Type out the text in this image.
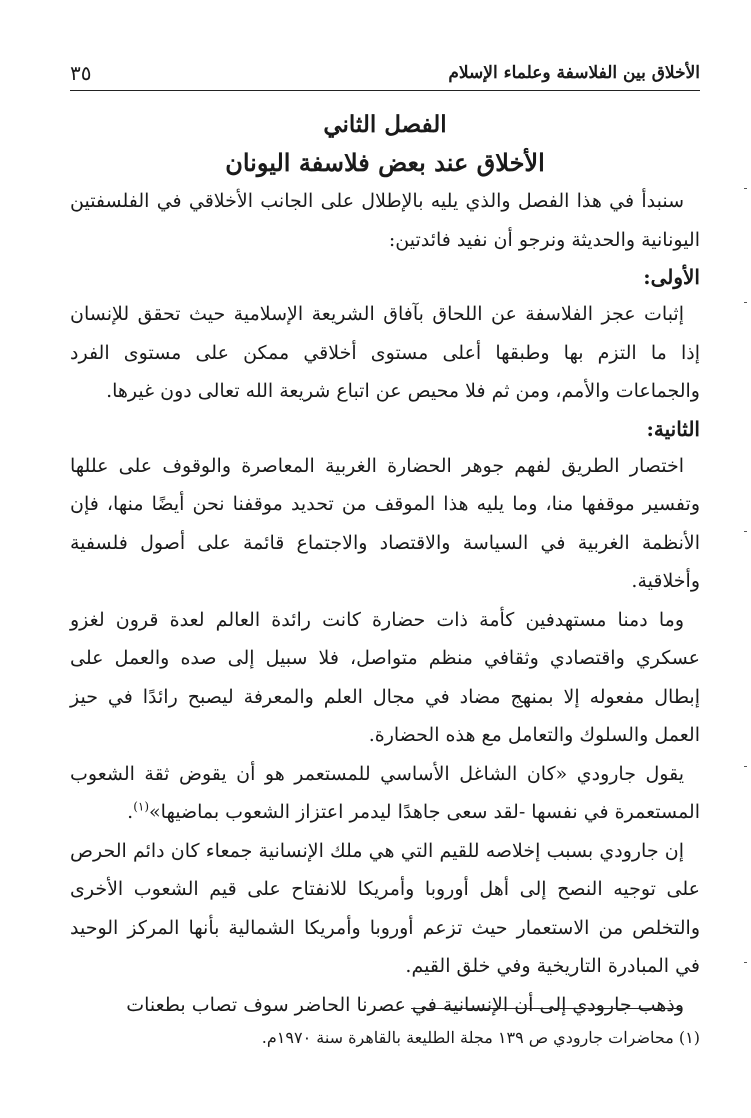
الأخلاق بين الفلاسفة وعلماء الإسلام
٣٥
الفصل الثاني
الأخلاق عند بعض فلاسفة اليونان

سنبدأ في هذا الفصل والذي يليه بالإطلال على الجانب الأخلاقي في الفلسفتين اليونانية والحديثة ونرجو أن نفيد فائدتين:

الأولى:

إثبات عجز الفلاسفة عن اللحاق بآفاق الشريعة الإسلامية حيث تحقق للإنسان إذا ما التزم بها وطبقها أعلى مستوى أخلاقي ممكن على مستوى الفرد والجماعات والأمم، ومن ثم فلا محيص عن اتباع شريعة الله تعالى دون غيرها.

الثانية:

اختصار الطريق لفهم جوهر الحضارة الغربية المعاصرة والوقوف على عللها وتفسير موقفها منا، وما يليه هذا الموقف من تحديد موقفنا نحن أيضًا منها، فإن الأنظمة الغربية في السياسة والاقتصاد والاجتماع قائمة على أصول فلسفية وأخلاقية.

وما دمنا مستهدفين كأمة ذات حضارة كانت رائدة العالم لعدة قرون لغزو عسكري واقتصادي وثقافي منظم متواصل، فلا سبيل إلى صده والعمل على إبطال مفعوله إلا بمنهج مضاد في مجال العلم والمعرفة ليصبح رائدًا في حيز العمل والسلوك والتعامل مع هذه الحضارة.

يقول جارودي «كان الشاغل الأساسي للمستعمر هو أن يقوض ثقة الشعوب المستعمرة في نفسها -لقد سعى جاهدًا ليدمر اعتزاز الشعوب بماضيها»$^{(١)}$.

إن جارودي بسبب إخلاصه للقيم التي هي ملك الإنسانية جمعاء كان دائم الحرص على توجيه النصح إلى أهل أوروبا وأمريكا للانفتاح على قيم الشعوب الأخرى والتخلص من الاستعمار حيث تزعم أوروبا وأمريكا الشمالية بأنها المركز الوحيد في المبادرة التاريخية وفي خلق القيم.

وذهب جارودي إلى أن الإنسانية في عصرنا الحاضر سوف تصاب بطعنات

(١) محاضرات جارودي ص ١٣٩ مجلة الطليعة بالقاهرة سنة ١٩٧٠م.
